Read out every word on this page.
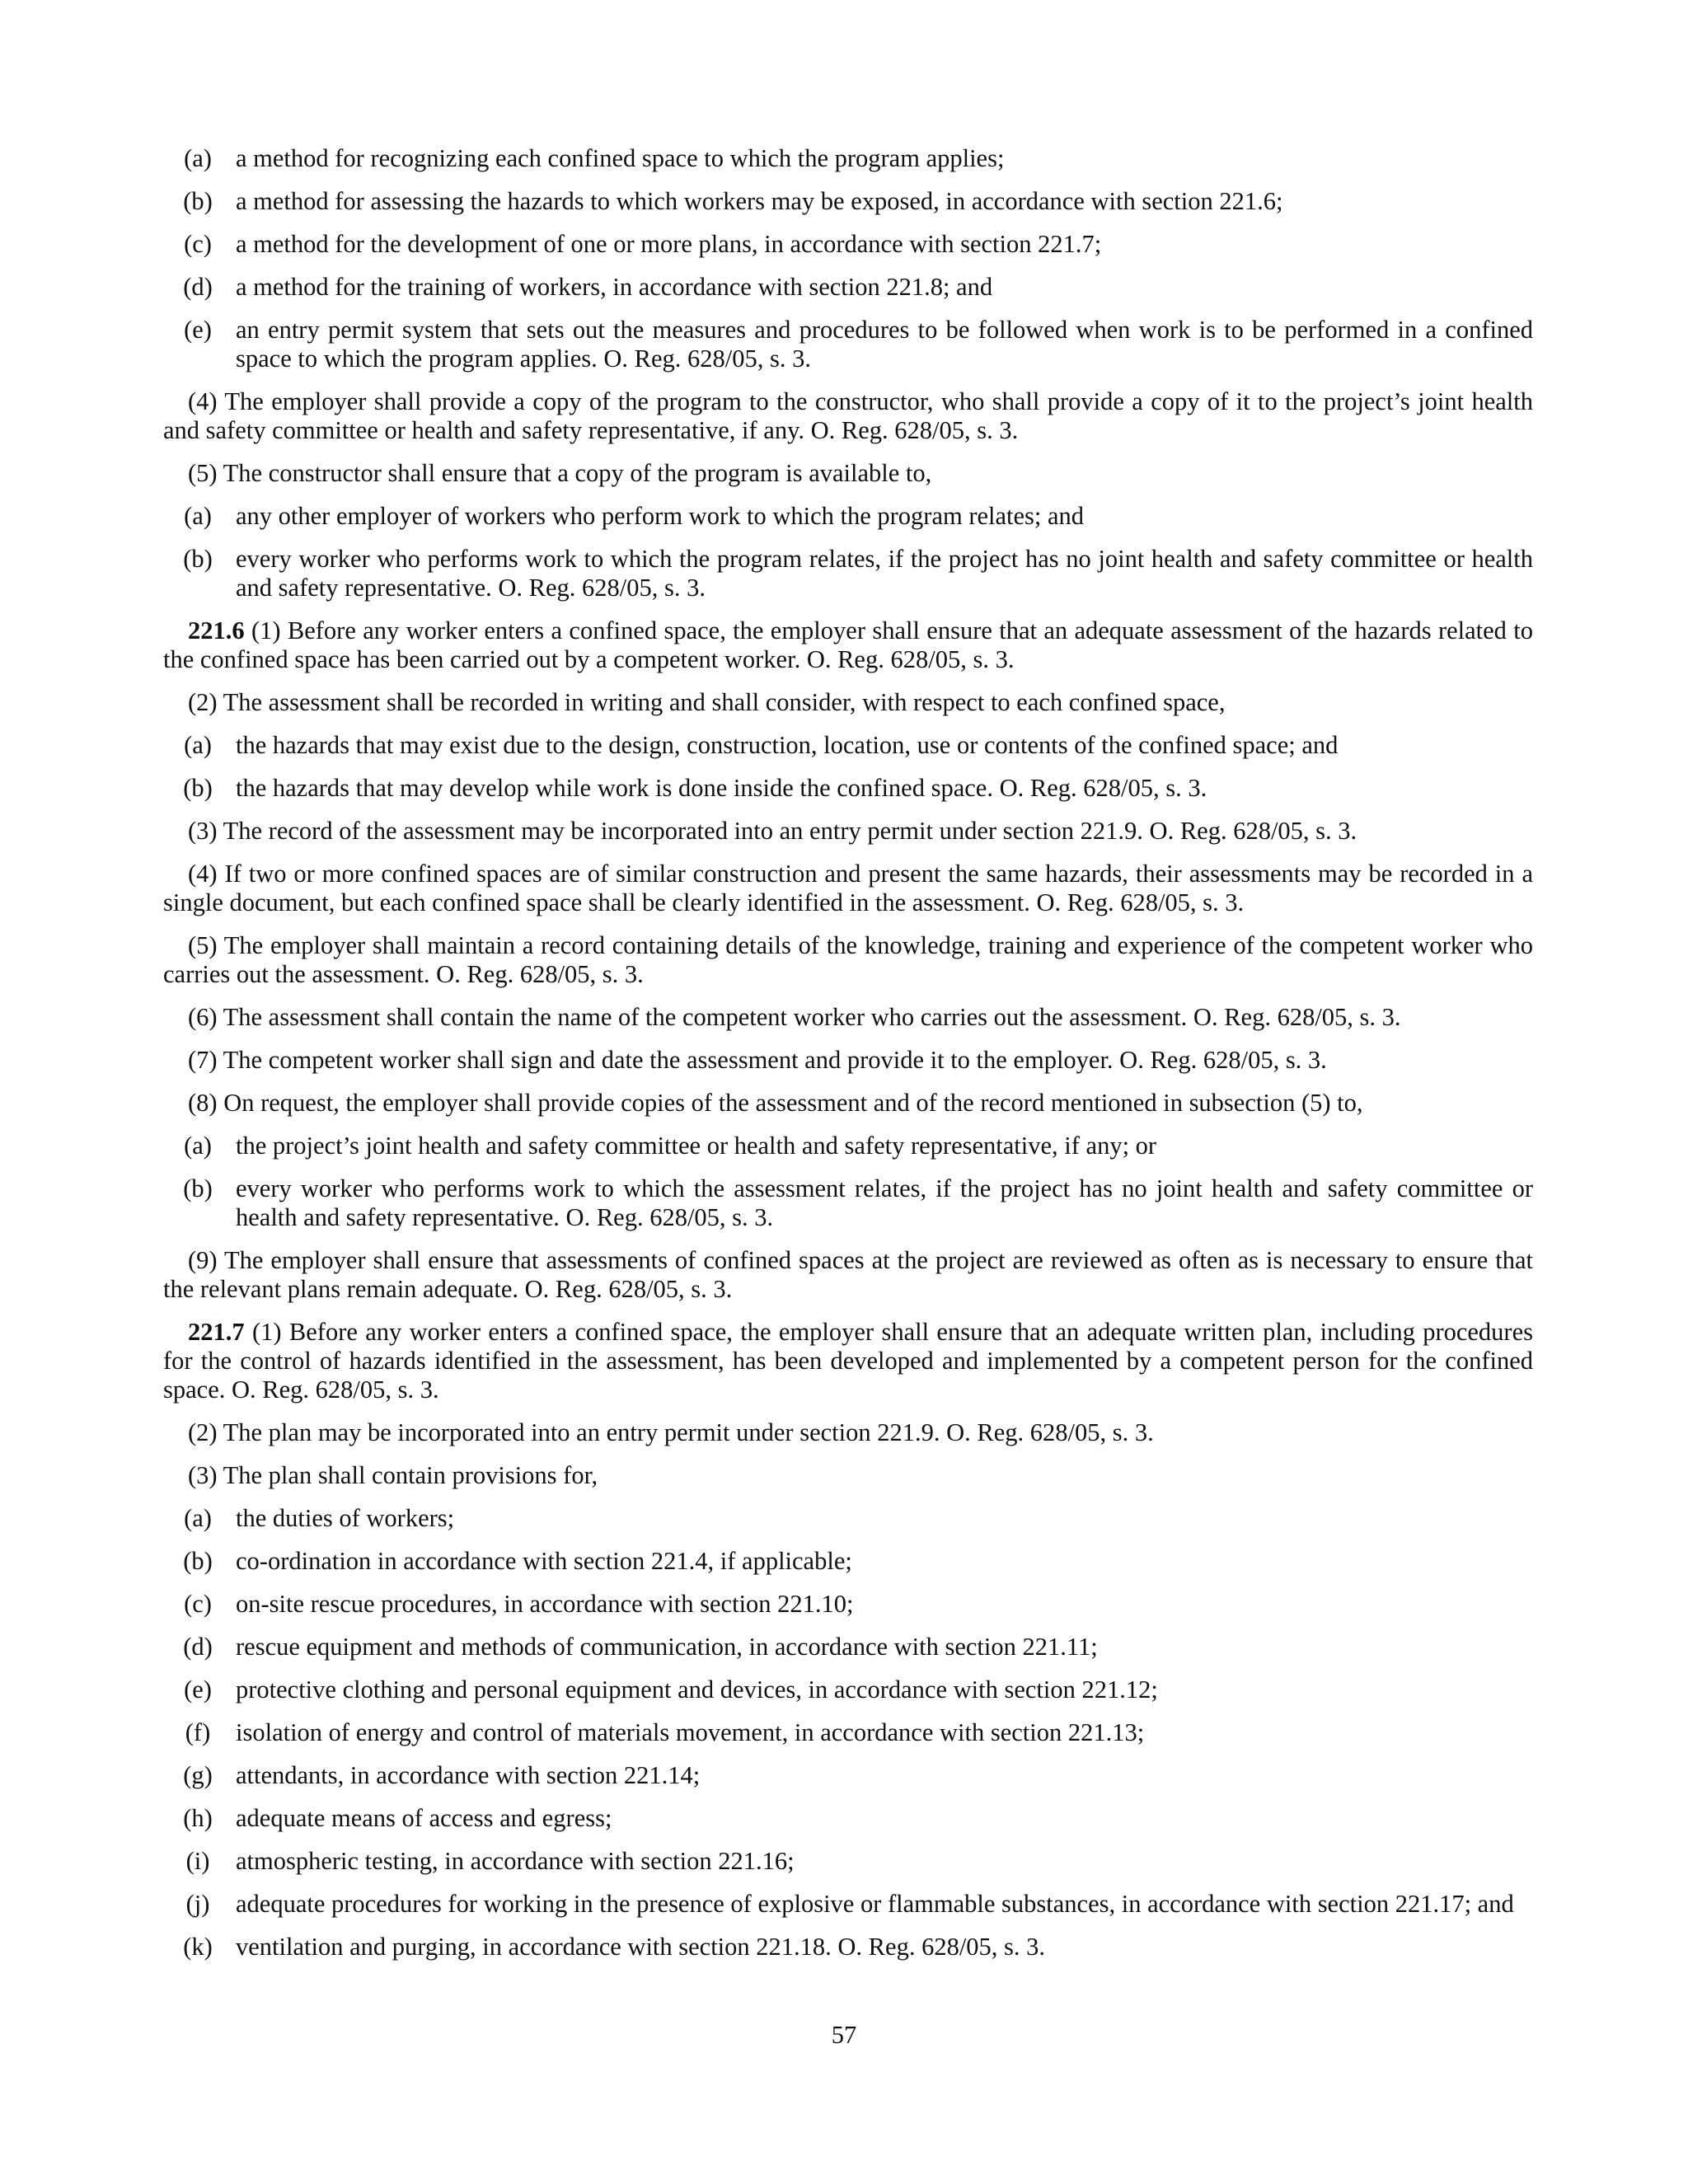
(a) a method for recognizing each confined space to which the program applies;
(b) a method for assessing the hazards to which workers may be exposed, in accordance with section 221.6;
(c) a method for the development of one or more plans, in accordance with section 221.7;
(d) a method for the training of workers, in accordance with section 221.8; and
(e) an entry permit system that sets out the measures and procedures to be followed when work is to be performed in a confined space to which the program applies. O. Reg. 628/05, s. 3.
(4) The employer shall provide a copy of the program to the constructor, who shall provide a copy of it to the project’s joint health and safety committee or health and safety representative, if any. O. Reg. 628/05, s. 3.
(5) The constructor shall ensure that a copy of the program is available to,
(a) any other employer of workers who perform work to which the program relates; and
(b) every worker who performs work to which the program relates, if the project has no joint health and safety committee or health and safety representative. O. Reg. 628/05, s. 3.
221.6 (1) Before any worker enters a confined space, the employer shall ensure that an adequate assessment of the hazards related to the confined space has been carried out by a competent worker. O. Reg. 628/05, s. 3.
(2) The assessment shall be recorded in writing and shall consider, with respect to each confined space,
(a) the hazards that may exist due to the design, construction, location, use or contents of the confined space; and
(b) the hazards that may develop while work is done inside the confined space. O. Reg. 628/05, s. 3.
(3) The record of the assessment may be incorporated into an entry permit under section 221.9. O. Reg. 628/05, s. 3.
(4) If two or more confined spaces are of similar construction and present the same hazards, their assessments may be recorded in a single document, but each confined space shall be clearly identified in the assessment. O. Reg. 628/05, s. 3.
(5) The employer shall maintain a record containing details of the knowledge, training and experience of the competent worker who carries out the assessment. O. Reg. 628/05, s. 3.
(6) The assessment shall contain the name of the competent worker who carries out the assessment. O. Reg. 628/05, s. 3.
(7) The competent worker shall sign and date the assessment and provide it to the employer. O. Reg. 628/05, s. 3.
(8) On request, the employer shall provide copies of the assessment and of the record mentioned in subsection (5) to,
(a) the project’s joint health and safety committee or health and safety representative, if any; or
(b) every worker who performs work to which the assessment relates, if the project has no joint health and safety committee or health and safety representative. O. Reg. 628/05, s. 3.
(9) The employer shall ensure that assessments of confined spaces at the project are reviewed as often as is necessary to ensure that the relevant plans remain adequate. O. Reg. 628/05, s. 3.
221.7 (1) Before any worker enters a confined space, the employer shall ensure that an adequate written plan, including procedures for the control of hazards identified in the assessment, has been developed and implemented by a competent person for the confined space. O. Reg. 628/05, s. 3.
(2) The plan may be incorporated into an entry permit under section 221.9. O. Reg. 628/05, s. 3.
(3) The plan shall contain provisions for,
(a) the duties of workers;
(b) co-ordination in accordance with section 221.4, if applicable;
(c) on-site rescue procedures, in accordance with section 221.10;
(d) rescue equipment and methods of communication, in accordance with section 221.11;
(e) protective clothing and personal equipment and devices, in accordance with section 221.12;
(f)	isolation of energy and control of materials movement, in accordance with section 221.13;
(g) attendants, in accordance with section 221.14;
(h) adequate means of access and egress;
(i)	atmospheric testing, in accordance with section 221.16;
(j)	adequate procedures for working in the presence of explosive or flammable substances, in accordance with section 221.17; and
(k) ventilation and purging, in accordance with section 221.18. O. Reg. 628/05, s. 3.
57
